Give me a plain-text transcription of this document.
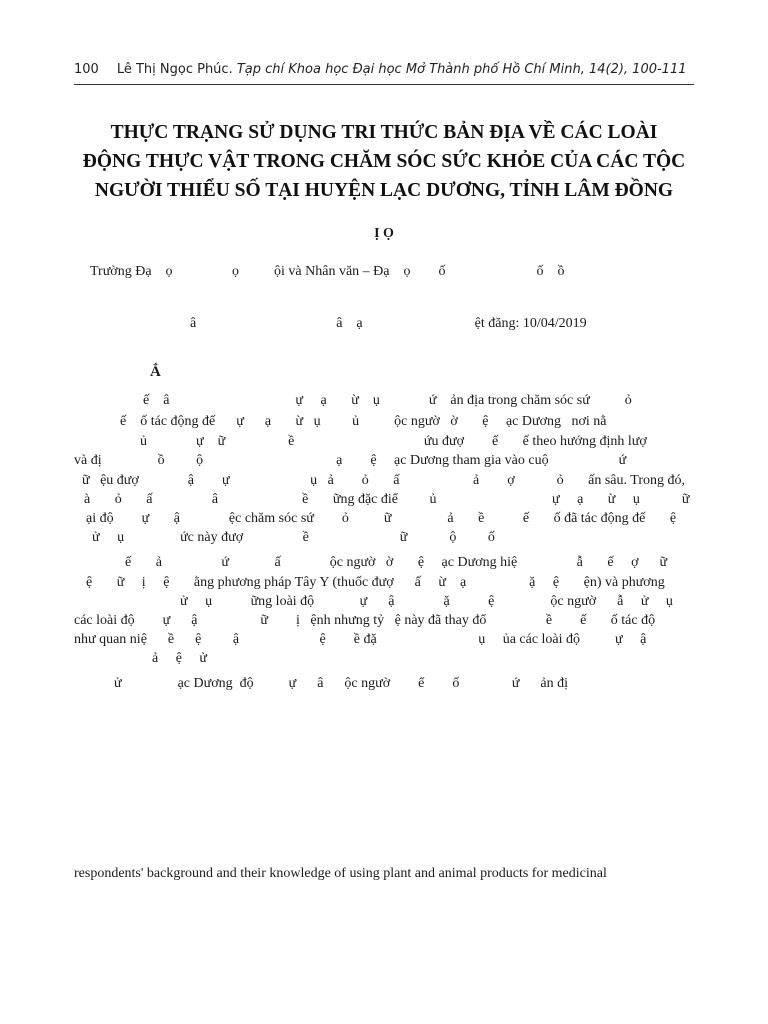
100 Lê Thị Ngọc Phúc. Tạp chí Khoa học Đại học Mở Thành phố Hồ Chí Minh, 14(2), 100-111
THỰC TRẠNG SỬ DỤNG TRI THỨC BẢN ĐỊA VỀ CÁC LOÀI
ĐỘNG THỰC VẬT TRONG CHĂM SÓC SỨC KHỎE CỦA CÁC TỘC
NGƯỜI THIỂU SỐ TẠI HUYỆN LẠC DƯƠNG, TỈNH LÂM ĐỒNG
Ị Ọ
Trường Đạ    ọ                 ọ          ội và Nhân văn – Đạ    ọ        ố                          ố    ồ
â                                        â    ạ                                ệt đăng: 10/04/2019
Ắ
ế    â                                    ự     ạ       ừ    ụ              ứ    ản địa trong chăm sóc sứ          ỏ
ế    ố tác động đế      ự      ạ       ừ   ụ         ủ          ộc ngườ   ờ       ệ     ạc Dương   nơi nằ
ủ              ự    ữ                  ề                                     ứu đượ        ế       ế theo hướng định lượ
và đị                ồ         ộ                                      ạ        ệ     ạc Dương tham gia vào cuộ                    ứ
ữ   ệu đượ              ậ        ự                       ụ   ả        ỏ       ấ                     ả        ợ            ỏ       ấn sâu. Trong đó,
à       ỏ       ấ                 â                        ề       ững đặc điể         ủ                                 ự     ạ       ừ     ụ            ữ
ại độ        ự       ậ              ệc chăm sóc sứ        ỏ          ữ                ả       ề           ế       ố đã tác động đế       ệ
ử     ụ                ức này đượ                 ề                          ữ            ộ         ố
ế       ả                 ứ             ấ              ộc ngườ   ờ       ệ     ạc Dương hiệ                 ẫ       ế     ợ      ữ
ệ       ữ     ị     ệ       ằng phương pháp Tây Y (thuốc đượ      ấ     ừ    ạ                  ặ     ệ       ện) và phương
ử     ụ           ững loài độ             ự      ậ              ặ           ệ                ộc ngườ      ẫ     ử     ụ
các loài độ        ự      ậ                  ữ        ị   ệnh nhưng tỷ   ệ này đã thay đổ                 ề        ế       ố tác độ
như quan niệ      ề      ệ         ậ                       ệ        ề đặ                             ụ     ủa các loài độ          ự     ậ
ả     ệ     ử
ử                ạc Dương  độ          ự      â      ộc ngườ        ể        ố               ứ      ản đị
respondents' background and their knowledge of using plant and animal products for medicinal
